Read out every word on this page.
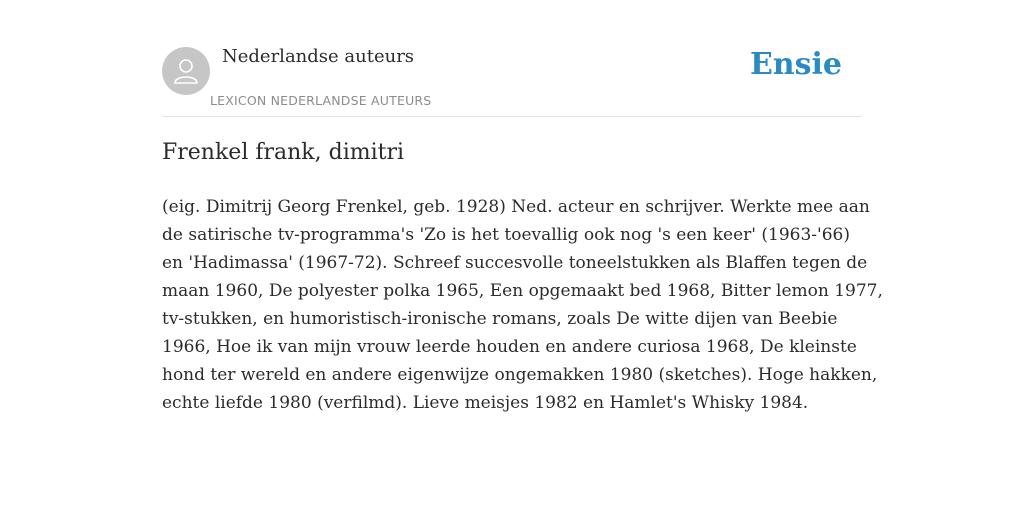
Nederlandse auteurs
LEXICON NEDERLANDSE AUTEURS
Ensie
Frenkel frank, dimitri
(eig. Dimitrij Georg Frenkel, geb. 1928) Ned. acteur en schrijver. Werkte mee aan
de satirische tv-programma's 'Zo is het toevallig ook nog 's een keer' (1963-'66)
en 'Hadimassa' (1967-72). Schreef succesvolle toneelstukken als Blaffen tegen de
maan 1960, De polyester polka 1965, Een opgemaakt bed 1968, Bitter lemon 1977,
tv-stukken, en humoristisch-ironische romans, zoals De witte dijen van Beebie
1966, Hoe ik van mijn vrouw leerde houden en andere curiosa 1968, De kleinste
hond ter wereld en andere eigenwijze ongemakken 1980 (sketches). Hoge hakken,
echte liefde 1980 (verfilmd). Lieve meisjes 1982 en Hamlet's Whisky 1984.
